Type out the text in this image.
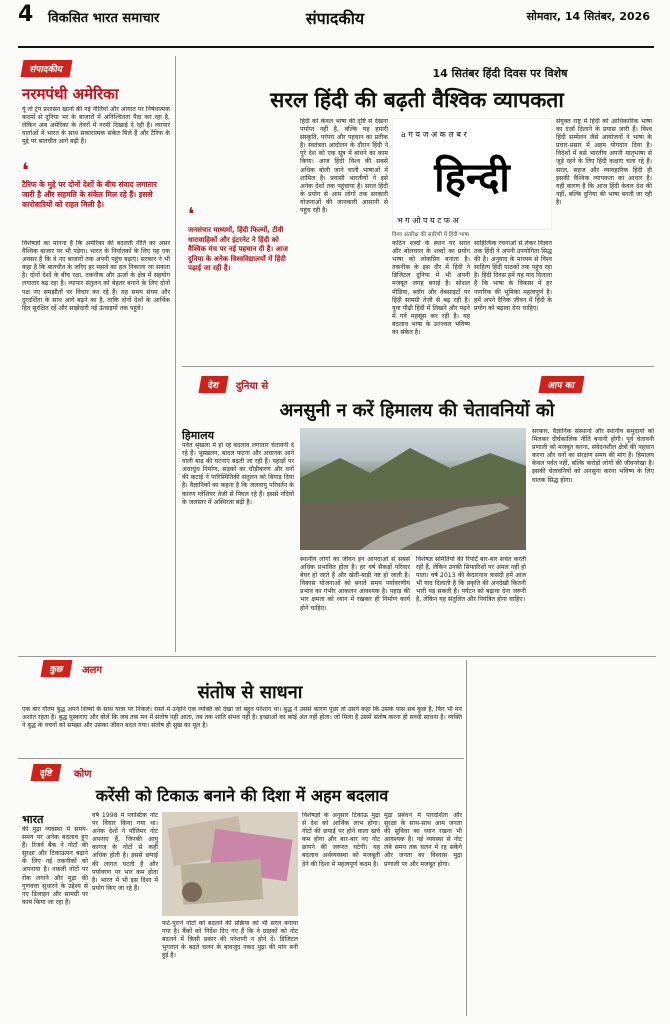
4 विकसित भारत समाचार	संपादकीय	सोमवार, 14 सितंबर, 2026
संपादकीय
नरमपंथी अमेरिका
यूं तो ट्रंप प्रशासन खानों की नई नीतियों और आयात पर निषेधात्मक कदमों से दुनिया भर के बाजारों में अनिश्चितता पैदा कर रहा है, लेकिन अब अमेरिका के तेवरों में नरमी दिखाई दे रही है। व्यापार वार्ताओं में भारत के साथ सकारात्मक संकेत मिले हैं और टैरिफ के मुद्दे पर बातचीत आगे बढ़ी है।
❛
टैरिफ के मुद्दे पर दोनों देशों के बीच संवाद लगातार जारी है और सहमति के संकेत मिल रहे हैं। इससे कारोबारियों को राहत मिली है।
विशेषज्ञों का मानना है कि अमेरिका की बदलती नीति का असर वैश्विक बाजार पर भी पड़ेगा। भारत के निर्यातकों के लिए यह एक अवसर है कि वे नए बाजारों तक अपनी पहुंच बढ़ाएं। सरकार ने भी कहा है कि बातचीत के जरिए हर मसले का हल निकाला जा सकता है। दोनों देशों के बीच रक्षा, तकनीक और ऊर्जा के क्षेत्र में सहयोग लगातार बढ़ रहा है। व्यापार संतुलन को बेहतर बनाने के लिए दोनों पक्ष नए समझौतों पर विचार कर रहे हैं। यह समय संयम और दूरदर्शिता के साथ आगे बढ़ने का है, ताकि दोनों देशों के आर्थिक हित सुरक्षित रहें और साझेदारी नई ऊंचाइयों तक पहुंचे।
14 सितंबर हिंदी दिवस पर विशेष
सरल हिंदी की बढ़ती वैश्विक व्यापकता
a ग य ज अ क ल ब र
भ ग ओ प य ट फ अ
हिन्दी
विश्व अंतरिक्ष की सारिणी में हिंदी भाषा
हिंदी को केवल भाषा की दृष्टि से देखना पर्याप्त नहीं है, बल्कि यह हमारी संस्कृति, परंपरा और पहचान का प्रतीक है। स्वतंत्रता आंदोलन के दौरान हिंदी ने पूरे देश को एक सूत्र में बांधने का काम किया। आज हिंदी विश्व की सबसे अधिक बोली जाने वाली भाषाओं में शामिल है। प्रवासी भारतीयों ने इसे अनेक देशों तक पहुंचाया है। सरल हिंदी के प्रयोग से आम लोगों तक सरकारी योजनाओं की जानकारी आसानी से पहुंच रही है।
संयुक्त राष्ट्र में हिंदी को आधिकारिक भाषा का दर्जा दिलाने के प्रयास जारी हैं। विश्व हिंदी सम्मेलन जैसे आयोजनों ने भाषा के प्रचार-प्रसार में अहम योगदान दिया है। विदेशों में बसे भारतीय अपनी मातृभाषा से जुड़े रहने के लिए हिंदी कक्षाएं चला रहे हैं। सरल, सहज और व्यावहारिक हिंदी ही इसकी वैश्विक व्यापकता का आधार है। यही कारण है कि आज हिंदी केवल देश की नहीं, बल्कि दुनिया की भाषा बनती जा रही है।
कठिन शब्दों के स्थान पर सरल और बोलचाल के शब्दों का प्रयोग भाषा को लोकप्रिय बनाता है। तकनीक के इस दौर में हिंदी ने डिजिटल दुनिया में भी अपनी मजबूत जगह बनाई है। सोशल मीडिया, ब्लॉग और वेबसाइटों पर हिंदी सामग्री तेजी से बढ़ रही है। युवा पीढ़ी हिंदी में लिखने और पढ़ने में गर्व महसूस कर रही है। यह बदलाव भाषा के उज्ज्वल भविष्य का संकेत है।
साहित्यिक रचनाओं से लेकर विज्ञान तक हिंदी ने अपनी उपयोगिता सिद्ध की है। अनुवाद के माध्यम से विश्व साहित्य हिंदी पाठकों तक पहुंच रहा है। हिंदी दिवस हमें यह याद दिलाता है कि भाषा के विकास में हर नागरिक की भूमिका महत्वपूर्ण है। हमें अपने दैनिक जीवन में हिंदी के प्रयोग को बढ़ावा देना चाहिए।
❛
जनसंचार माध्यमों, हिंदी फिल्मों, टीवी धारावाहिकों और इंटरनेट ने हिंदी को वैश्विक मंच पर नई पहचान दी है। आज दुनिया के अनेक विश्वविद्यालयों में हिंदी पढ़ाई जा रही है।
देश	दुनिया से
अनसुनी न करें हिमालय की चेतावनियों को
हिमालय
पर्वत श्रृंखला में हो रहे बदलाव लगातार चेतावनी दे रहे हैं। भूस्खलन, बादल फटना और अचानक आने वाली बाढ़ की घटनाएं बढ़ती जा रही हैं। पहाड़ों पर अंधाधुंध निर्माण, सड़कों का चौड़ीकरण और वनों की कटाई ने पारिस्थितिकी संतुलन को बिगाड़ दिया है। वैज्ञानिकों का कहना है कि जलवायु परिवर्तन के कारण ग्लेशियर तेजी से पिघल रहे हैं। इससे नदियों के जलस्तर में अस्थिरता बढ़ी है।
स्थानीय लोगों का जीवन इन आपदाओं से सबसे अधिक प्रभावित होता है। हर वर्ष सैकड़ों परिवार बेघर हो जाते हैं और खेती-बाड़ी नष्ट हो जाती है। विकास योजनाओं को बनाते समय पर्यावरणीय प्रभाव का गंभीर आकलन आवश्यक है। पहाड़ की भार क्षमता को ध्यान में रखकर ही निर्माण कार्य होने चाहिए।
विशेषज्ञ समितियों की रिपोर्टें बार-बार सचेत करती रही हैं, लेकिन उनकी सिफारिशों पर अमल नहीं हो पाता। वर्ष 2013 की केदारनाथ त्रासदी हमें आज भी याद दिलाती है कि प्रकृति की अनदेखी कितनी भारी पड़ सकती है। पर्यटन को बढ़ावा देना जरूरी है, लेकिन यह संतुलित और नियंत्रित होना चाहिए।
सरकार, वैज्ञानिक संस्थानों और स्थानीय समुदायों को मिलकर दीर्घकालिक नीति बनानी होगी। पूर्व चेतावनी प्रणाली को मजबूत करना, संवेदनशील क्षेत्रों की पहचान करना और वनों का संरक्षण समय की मांग है। हिमालय केवल पर्वत नहीं, बल्कि करोड़ों लोगों की जीवनरेखा है। इसकी चेतावनियों को अनसुना करना भविष्य के लिए घातक सिद्ध होगा।
कुछ	अलग
संतोष से साधना
एक बार गौतम बुद्ध अपने शिष्यों के साथ यात्रा पर निकले। रास्ते में उन्होंने एक व्यक्ति को देखा जो बहुत परेशान था। बुद्ध ने उससे कारण पूछा तो उसने कहा कि उसके पास सब कुछ है, फिर भी मन अशांत रहता है। बुद्ध मुस्कराए और बोले कि जब तक मन में संतोष नहीं आता, तब तक शांति संभव नहीं है। इच्छाओं का कोई अंत नहीं होता। जो मिला है उसमें संतोष करना ही सच्ची साधना है। व्यक्ति ने बुद्ध के वचनों को समझा और उसका जीवन बदल गया। संतोष ही सुख का मूल है।
दृष्टि	कोण
करेंसी को टिकाऊ बनाने की दिशा में अहम बदलाव
भारत
की मुद्रा व्यवस्था में समय-समय पर अनेक बदलाव हुए हैं। रिजर्व बैंक ने नोटों की सुरक्षा और टिकाऊपन बढ़ाने के लिए नई तकनीकों को अपनाया है। नकली नोटों पर रोक लगाने और मुद्रा की गुणवत्ता सुधारने के उद्देश्य से नए डिजाइन और सामग्री पर काम किया जा रहा है।
वर्ष 1998 में प्लास्टिक नोट पर विचार किया गया था। अनेक देशों ने पॉलिमर नोट अपनाए हैं, जिनकी आयु कागज के नोटों से कहीं अधिक होती है। इससे छपाई की लागत घटती है और पर्यावरण पर भार कम होता है। भारत में भी इस दिशा में प्रयोग किए जा रहे हैं।
फटे-पुराने नोटों को बदलने की प्रक्रिया को भी सरल बनाया गया है। बैंकों को निर्देश दिए गए हैं कि वे ग्राहकों को नोट बदलने में किसी प्रकार की परेशानी न होने दें। डिजिटल भुगतान के बढ़ते चलन के बावजूद नकद मुद्रा की मांग बनी हुई है।
विशेषज्ञों के अनुसार टिकाऊ मुद्रा से देश को आर्थिक लाभ होगा। नोटों की छपाई पर होने वाला खर्च कम होगा और बार-बार नए नोट छापने की जरूरत घटेगी। यह बदलाव अर्थव्यवस्था को मजबूती देने की दिशा में महत्वपूर्ण कदम है।
मुद्रा प्रबंधन में पारदर्शिता और सुरक्षा के साथ-साथ आम जनता की सुविधा का ध्यान रखना भी आवश्यक है। नई व्यवस्था से नोट लंबे समय तक चलन में रह सकेंगे और जनता का विश्वास मुद्रा प्रणाली पर और मजबूत होगा।
आप का
